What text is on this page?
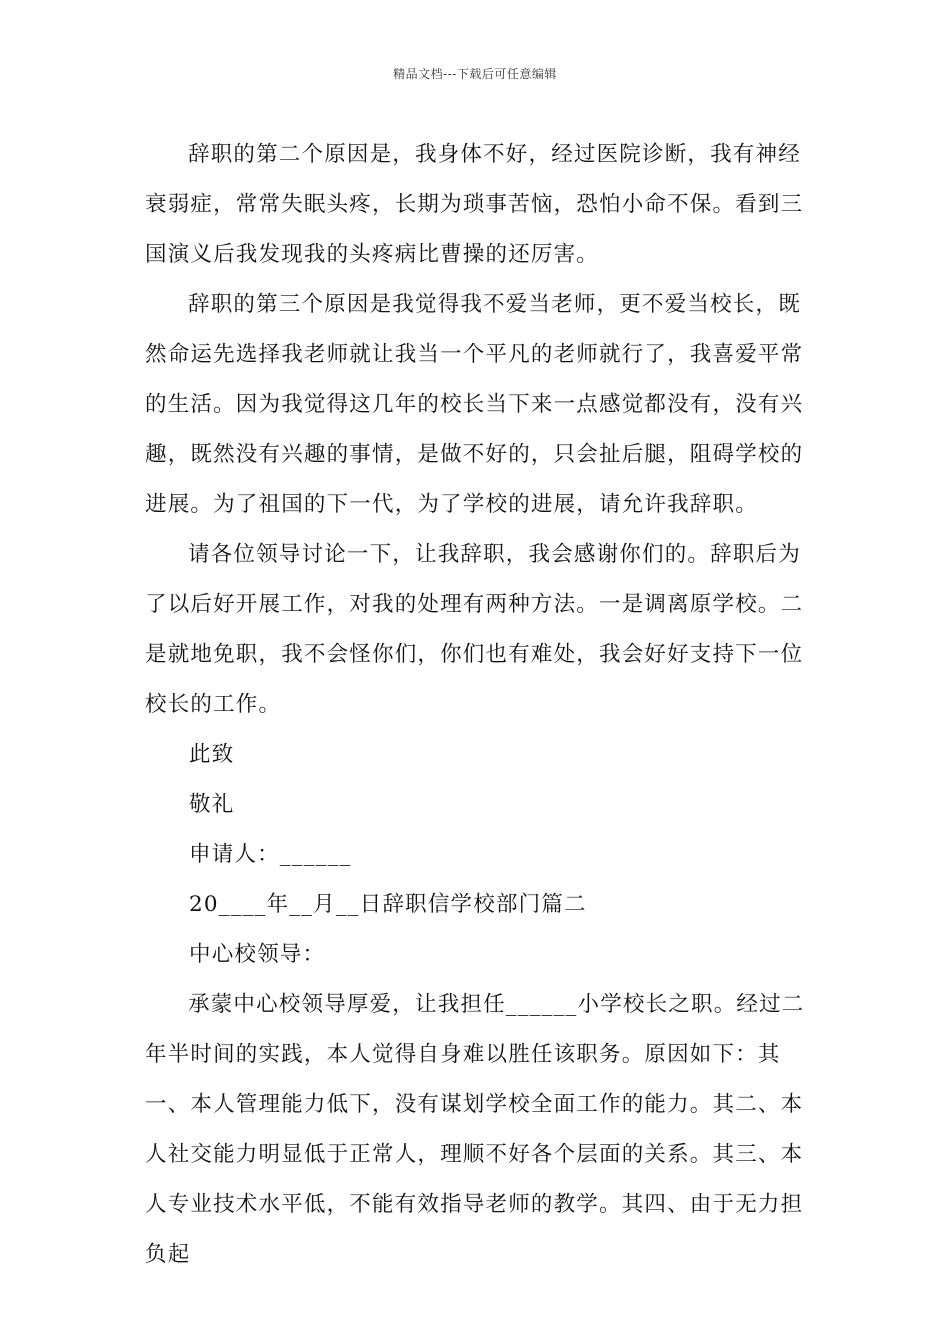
精品文档---下载后可任意编辑

辞职的第二个原因是，我身体不好，经过医院诊断，我有神经衰弱症，常常失眠头疼，长期为琐事苦恼，恐怕小命不保。看到三国演义后我发现我的头疼病比曹操的还厉害。

辞职的第三个原因是我觉得我不爱当老师，更不爱当校长，既然命运先选择我老师就让我当一个平凡的老师就行了，我喜爱平常的生活。因为我觉得这几年的校长当下来一点感觉都没有，没有兴趣，既然没有兴趣的事情，是做不好的，只会扯后腿，阻碍学校的进展。为了祖国的下一代，为了学校的进展，请允许我辞职。

请各位领导讨论一下，让我辞职，我会感谢你们的。辞职后为了以后好开展工作，对我的处理有两种方法。一是调离原学校。二是就地免职，我不会怪你们，你们也有难处，我会好好支持下一位校长的工作。

此致

敬礼

申请人：______

20____年__月__日辞职信学校部门篇二

中心校领导：

承蒙中心校领导厚爱，让我担任______小学校长之职。经过二年半时间的实践，本人觉得自身难以胜任该职务。原因如下：其一、本人管理能力低下，没有谋划学校全面工作的能力。其二、本人社交能力明显低于正常人，理顺不好各个层面的关系。其三、本人专业技术水平低，不能有效指导老师的教学。其四、由于无力担负起
